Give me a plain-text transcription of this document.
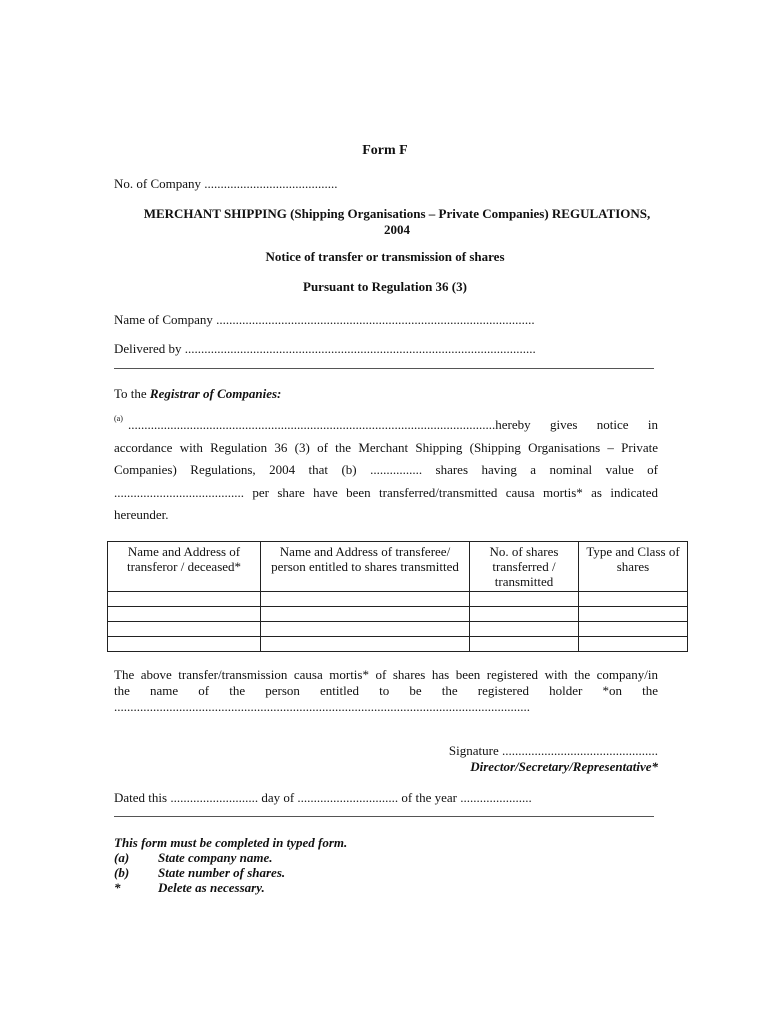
Form F
No. of Company .........................................
MERCHANT SHIPPING (Shipping Organisations – Private Companies) REGULATIONS,
2004
Notice of transfer or transmission of shares
Pursuant to Regulation 36 (3)
Name of Company ..................................................................................................
Delivered by ............................................................................................................
To the Registrar of Companies:
(a) .................................................................................................................hereby gives notice in
accordance with Regulation 36 (3) of the Merchant Shipping (Shipping Organisations – Private
Companies) Regulations, 2004 that (b) ................ shares having a nominal value of
........................................ per share have been transferred/transmitted causa mortis* as indicated
hereunder.
Name and Address of transferor / deceased*	Name and Address of transferee/ person entitled to shares transmitted	No. of shares transferred / transmitted	Type and Class of shares

The above transfer/transmission causa mortis* of shares has been registered with the company/in
the name of the person entitled to be the registered holder *on the
................................................................................................................................
Signature ................................................
Director/Secretary/Representative*
Dated this ........................... day of ............................... of the year ......................
This form must be completed in typed form.
(a) State company name.
(b) State number of shares.
*	Delete as necessary.
